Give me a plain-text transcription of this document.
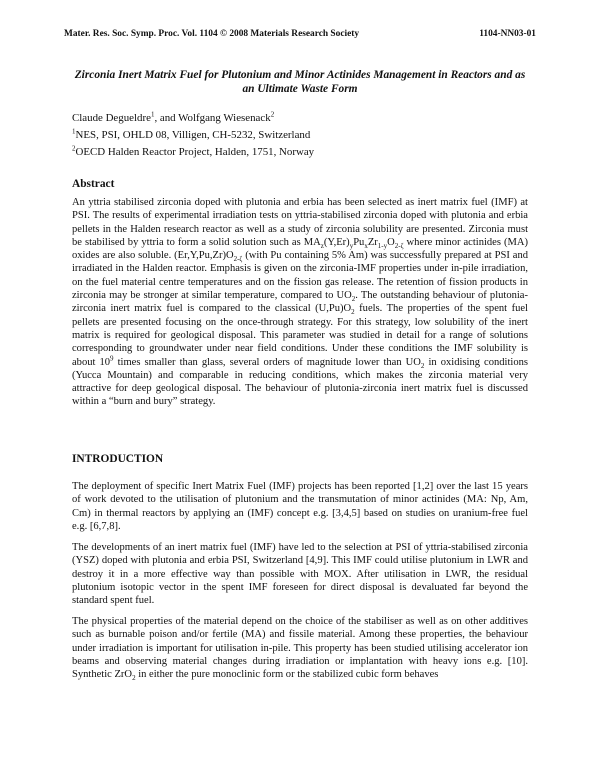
Mater. Res. Soc. Symp. Proc. Vol. 1104 © 2008 Materials Research Society	1104-NN03-01
Zirconia Inert Matrix Fuel for Plutonium and Minor Actinides Management in Reactors and as an Ultimate Waste Form
Claude Degueldre$^1$, and Wolfgang Wiesenack$^2$
$^1$NES, PSI, OHLD 08, Villigen, CH-5232, Switzerland
$^2$OECD Halden Reactor Project, Halden, 1751, Norway
Abstract

An yttria stabilised zirconia doped with plutonia and erbia has been selected as inert matrix fuel (IMF) at PSI. The results of experimental irradiation tests on yttria-stabilised zirconia doped with plutonia and erbia pellets in the Halden research reactor as well as a study of zirconia solubility are presented. Zirconia must be stabilised by yttria to form a solid solution such as $MA_z(Y,Er)_yPu_xZr_{1-y}O_{2-\zeta}$ where minor actinides (MA) oxides are also soluble. $(Er,Y,Pu,Zr)O_{2-\zeta}$ (with Pu containing 5% Am) was successfully prepared at PSI and irradiated in the Halden reactor. Emphasis is given on the zirconia-IMF properties under in-pile irradiation, on the fuel material centre temperatures and on the fission gas release. The retention of fission products in zirconia may be stronger at similar temperature, compared to $UO_2$. The outstanding behaviour of plutonia-zirconia inert matrix fuel is compared to the classical $(U,Pu)O_2$ fuels. The properties of the spent fuel pellets are presented focusing on the once-through strategy. For this strategy, low solubility of the inert matrix is required for geological disposal. This parameter was studied in detail for a range of solutions corresponding to groundwater under near field conditions. Under these conditions the IMF solubility is about $10^9$ times smaller than glass, several orders of magnitude lower than $UO_2$ in oxidising conditions (Yucca Mountain) and comparable in reducing conditions, which makes the zirconia material very attractive for deep geological disposal. The behaviour of plutonia-zirconia inert matrix fuel is discussed within a “burn and bury” strategy.

INTRODUCTION

The deployment of specific Inert Matrix Fuel (IMF) projects has been reported [1,2] over the last 15 years of work devoted to the utilisation of plutonium and the transmutation of minor actinides (MA: Np, Am, Cm) in thermal reactors by applying an (IMF) concept e.g. [3,4,5] based on studies on uranium-free fuel e.g. [6,7,8].

The developments of an inert matrix fuel (IMF) have led to the selection at PSI of yttria-stabilised zirconia (YSZ) doped with plutonia and erbia PSI, Switzerland [4,9]. This IMF could utilise plutonium in LWR and destroy it in a more effective way than possible with MOX. After utilisation in LWR, the residual plutonium isotopic vector in the spent IMF foreseen for direct disposal is devaluated far beyond the standard spent fuel.

The physical properties of the material depend on the choice of the stabiliser as well as on other additives such as burnable poison and/or fertile (MA) and fissile material. Among these properties, the behaviour under irradiation is important for utilisation in-pile. This property has been studied utilising accelerator ion beams and observing material changes during irradiation or implantation with heavy ions e.g. [10]. Synthetic ZrO$_2$ in either the pure monoclinic form or the stabilized cubic form behaves
